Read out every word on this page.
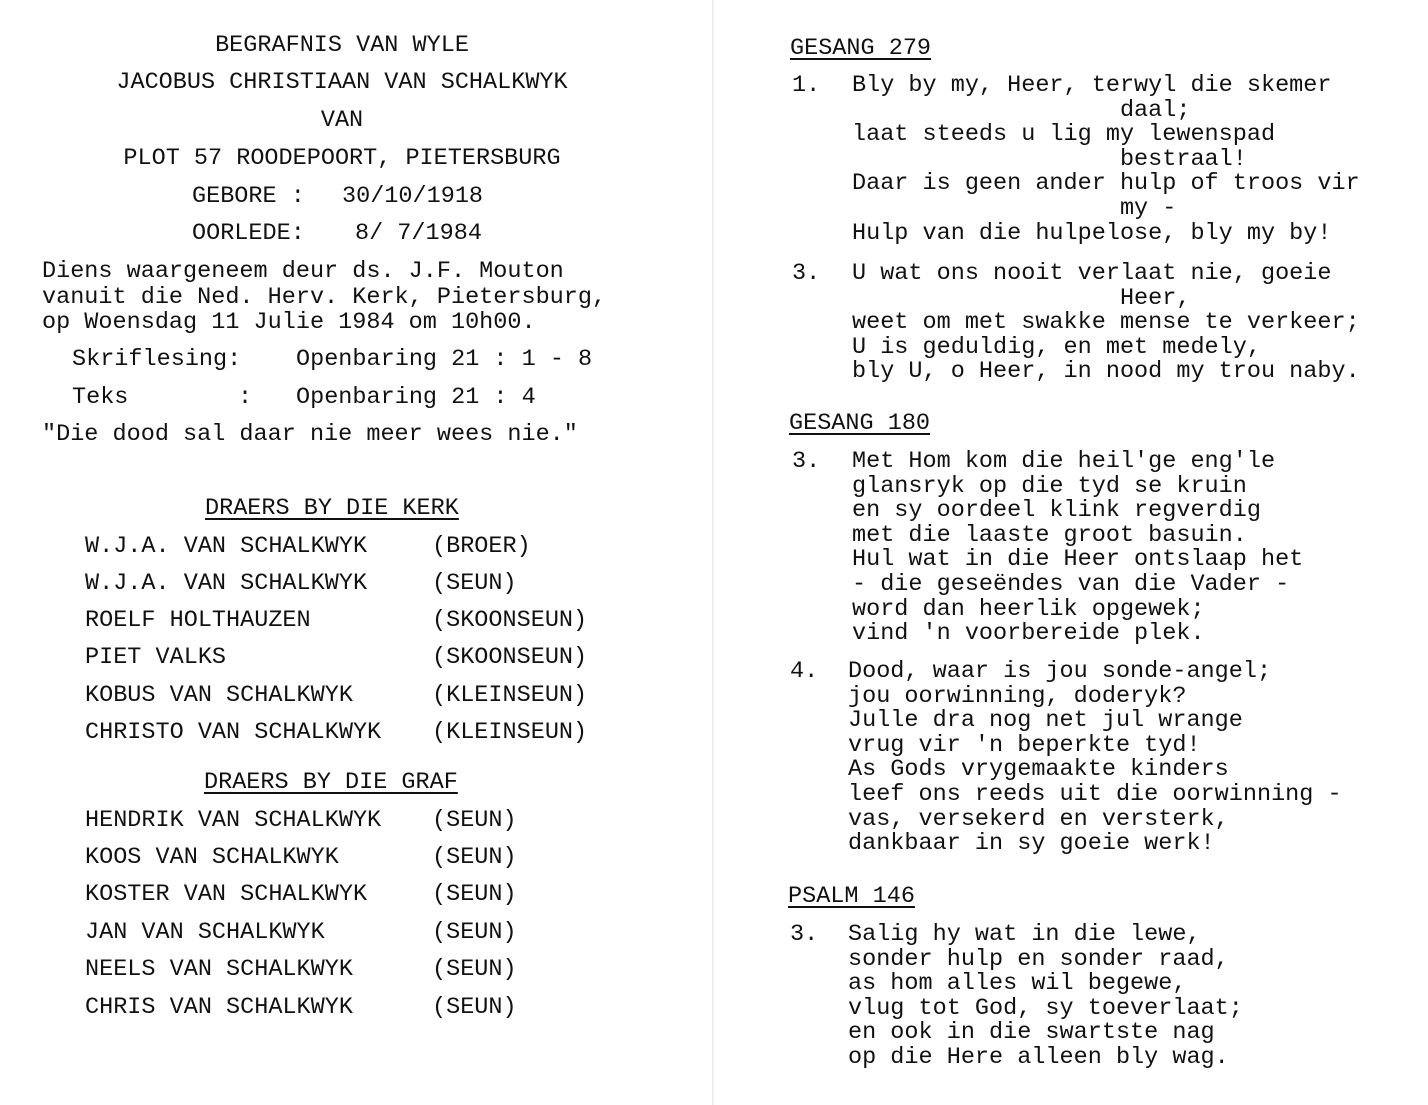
BEGRAFNIS VAN WYLE
JACOBUS CHRISTIAAN VAN SCHALKWYK
VAN
PLOT 57 ROODEPOORT, PIETERSBURG
GEBORE : 30/10/1918
OORLEDE: 8/ 7/1984
Diens waargeneem deur ds. J.F. Mouton
vanuit die Ned. Herv. Kerk, Pietersburg,
op Woensdag 11 Julie 1984 om 10h00.
Skriflesing: Openbaring 21 : 1 - 8
Teks	: Openbaring 21 : 4
"Die dood sal daar nie meer wees nie."
DRAERS BY DIE KERK
W.J.A. VAN SCHALKWYK	(BROER)
W.J.A. VAN SCHALKWYK	(SEUN)
ROELF HOLTHAUZEN	(SKOONSEUN)
PIET VALKS	(SKOONSEUN)
KOBUS VAN SCHALKWYK	(KLEINSEUN)
CHRISTO VAN SCHALKWYK (KLEINSEUN)
DRAERS BY DIE GRAF
HENDRIK VAN SCHALKWYK (SEUN)
KOOS VAN SCHALKWYK	(SEUN)
KOSTER VAN SCHALKWYK	(SEUN)
JAN VAN SCHALKWYK	(SEUN)
NEELS VAN SCHALKWYK	(SEUN)
CHRIS VAN SCHALKWYK	(SEUN)
GESANG 279
1. Bly by my, Heer, terwyl die skemer
daal;
laat steeds u lig my lewenspad
bestraal!
Daar is geen ander hulp of troos vir
my -
Hulp van die hulpelose, bly my by!
3. U wat ons nooit verlaat nie, goeie
Heer,
weet om met swakke mense te verkeer;
U is geduldig, en met medely,
bly U, o Heer, in nood my trou naby.
GESANG 180
3. Met Hom kom die heil'ge eng'le
glansryk op die tyd se kruin
en sy oordeel klink regverdig
met die laaste groot basuin.
Hul wat in die Heer ontslaap het
- die geseëndes van die Vader -
word dan heerlik opgewek;
vind 'n voorbereide plek.
4. Dood, waar is jou sonde-angel;
jou oorwinning, doderyk?
Julle dra nog net jul wrange
vrug vir 'n beperkte tyd!
As Gods vrygemaakte kinders
leef ons reeds uit die oorwinning -
vas, versekerd en versterk,
dankbaar in sy goeie werk!
PSALM 146
3. Salig hy wat in die lewe,
sonder hulp en sonder raad,
as hom alles wil begewe,
vlug tot God, sy toeverlaat;
en ook in die swartste nag
op die Here alleen bly wag.
